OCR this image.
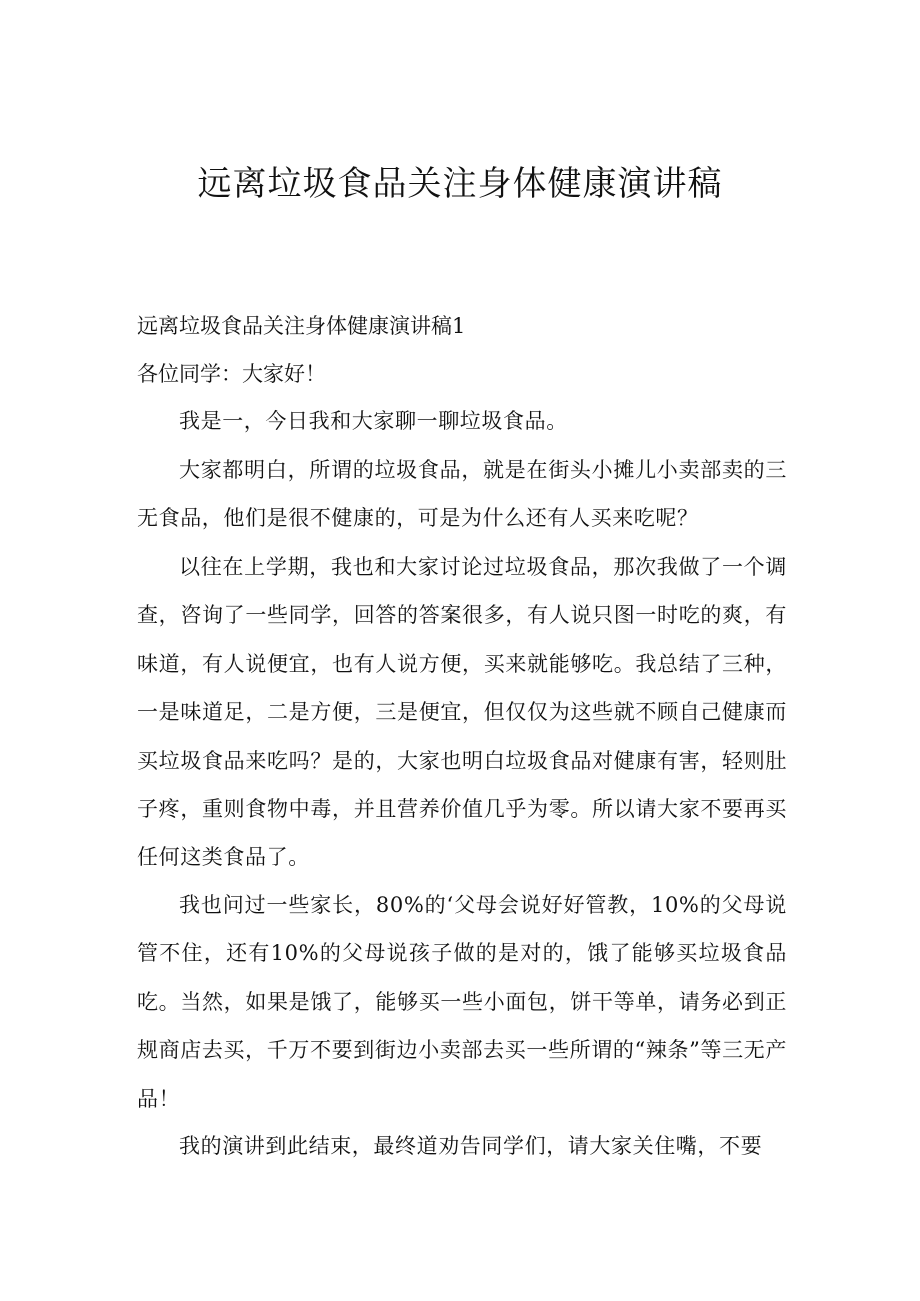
远离垃圾食品关注身体健康演讲稿

远离垃圾食品关注身体健康演讲稿1

各位同学：大家好！

我是一，今日我和大家聊一聊垃圾食品。

大家都明白，所谓的垃圾食品，就是在街头小摊儿小卖部卖的三无食品，他们是很不健康的，可是为什么还有人买来吃呢？

以往在上学期，我也和大家讨论过垃圾食品，那次我做了一个调查，咨询了一些同学，回答的答案很多，有人说只图一时吃的爽，有味道，有人说便宜，也有人说方便，买来就能够吃。我总结了三种，一是味道足，二是方便，三是便宜，但仅仅为这些就不顾自己健康而买垃圾食品来吃吗？是的，大家也明白垃圾食品对健康有害，轻则肚子疼，重则食物中毒，并且营养价值几乎为零。所以请大家不要再买任何这类食品了。

我也问过一些家长，80%的‘父母会说好好管教，10%的父母说管不住，还有10%的父母说孩子做的是对的，饿了能够买垃圾食品吃。当然，如果是饿了，能够买一些小面包，饼干等单，请务必到正规商店去买，千万不要到街边小卖部去买一些所谓的“辣条”等三无产品！

我的演讲到此结束，最终道劝告同学们，请大家关住嘴，不要
